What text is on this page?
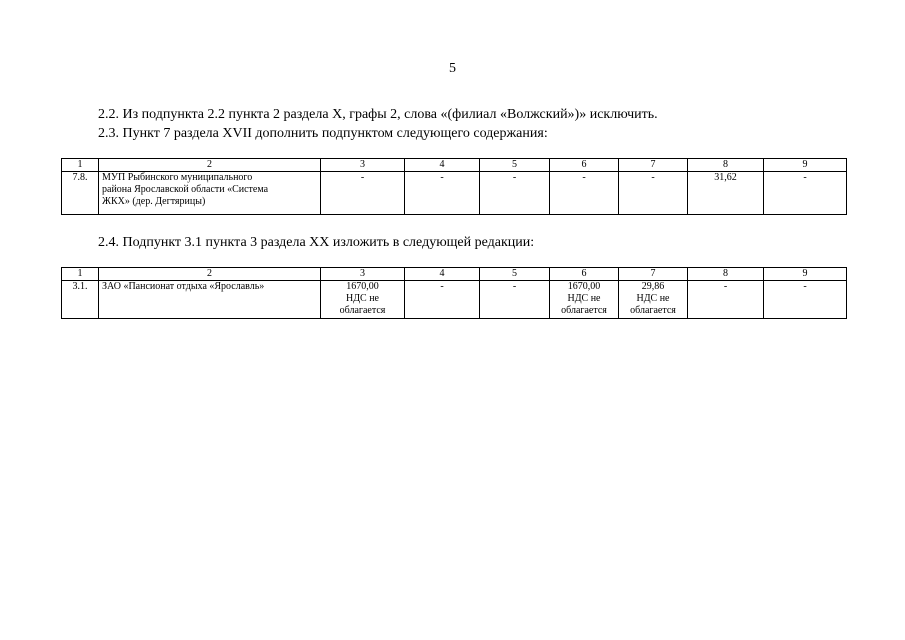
5
2.2. Из подпункта 2.2 пункта 2 раздела X, графы 2, слова «(филиал «Волжский»)» исключить.
2.3. Пункт 7 раздела XVII дополнить подпунктом следующего содержания:
1	2	3	4	5	6	7	8	9
7.8.	МУП Рыбинского муниципального
района Ярославской области «Система
ЖКХ» (дер. Дегтярицы)	-	-	-	-	-	31,62	-
2.4. Подпункт 3.1 пункта 3 раздела XX изложить в следующей редакции:
1	2	3	4	5	6	7	8	9
3.1.	ЗАО «Пансионат отдыха «Ярославль»	1670,00
НДС не
облагается	-	-	1670,00
НДС не
облагается	29,86
НДС не
облагается	-	-
